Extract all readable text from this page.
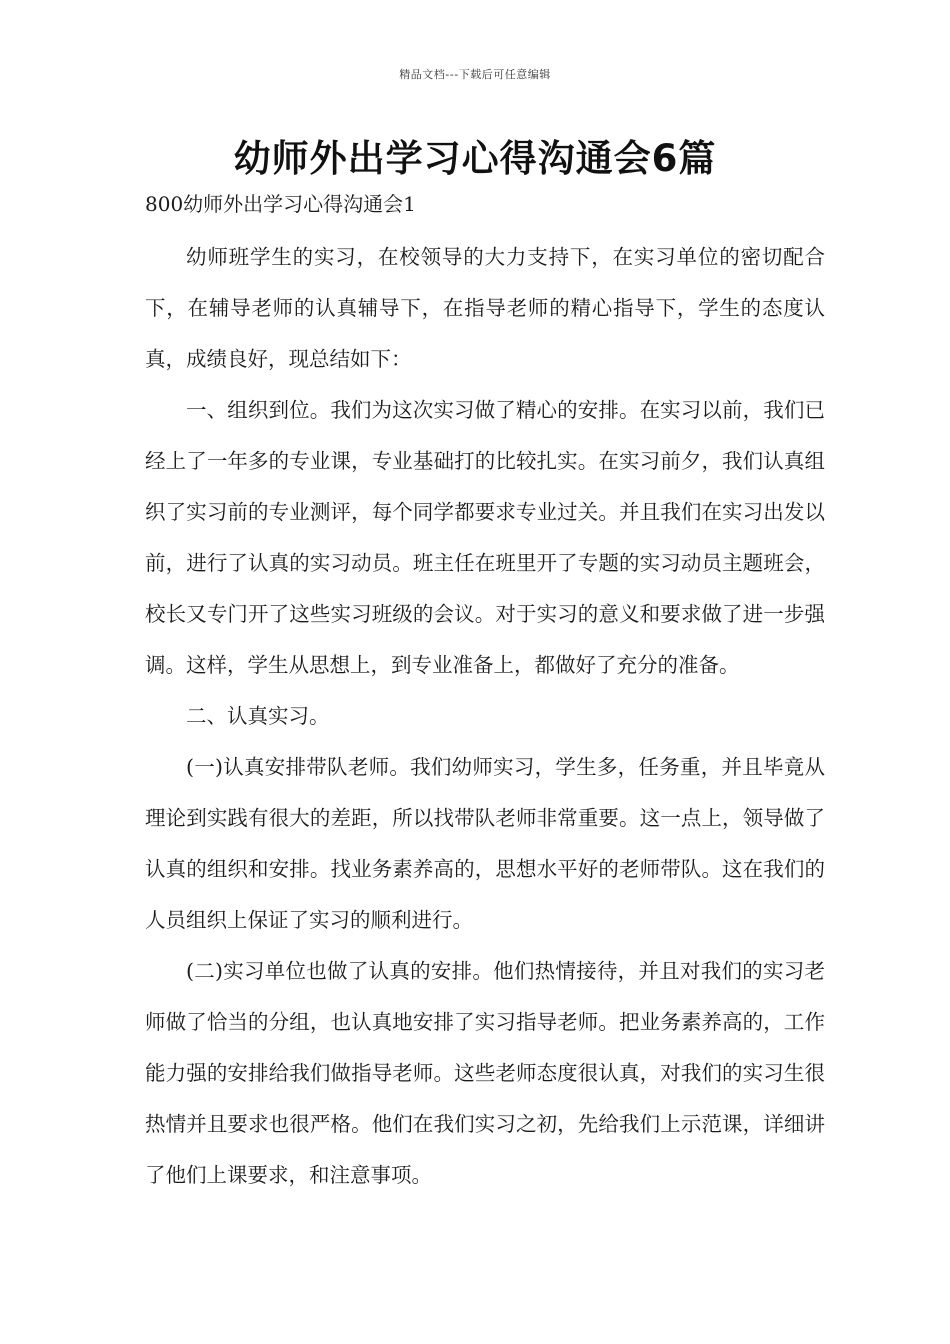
精品文档---下载后可任意编辑
幼师外出学习心得沟通会6篇
800幼师外出学习心得沟通会1

幼师班学生的实习，在校领导的大力支持下，在实习单位的密切配合下，在辅导老师的认真辅导下，在指导老师的精心指导下，学生的态度认真，成绩良好，现总结如下：

一、组织到位。我们为这次实习做了精心的安排。在实习以前，我们已经上了一年多的专业课，专业基础打的比较扎实。在实习前夕，我们认真组织了实习前的专业测评，每个同学都要求专业过关。并且我们在实习出发以前，进行了认真的实习动员。班主任在班里开了专题的实习动员主题班会，校长又专门开了这些实习班级的会议。对于实习的意义和要求做了进一步强调。这样，学生从思想上，到专业准备上，都做好了充分的准备。

二、认真实习。

(一)认真安排带队老师。我们幼师实习，学生多，任务重，并且毕竟从理论到实践有很大的差距，所以找带队老师非常重要。这一点上，领导做了认真的组织和安排。找业务素养高的，思想水平好的老师带队。这在我们的人员组织上保证了实习的顺利进行。

(二)实习单位也做了认真的安排。他们热情接待，并且对我们的实习老师做了恰当的分组，也认真地安排了实习指导老师。把业务素养高的，工作能力强的安排给我们做指导老师。这些老师态度很认真，对我们的实习生很热情并且要求也很严格。他们在我们实习之初，先给我们上示范课，详细讲了他们上课要求，和注意事项。
